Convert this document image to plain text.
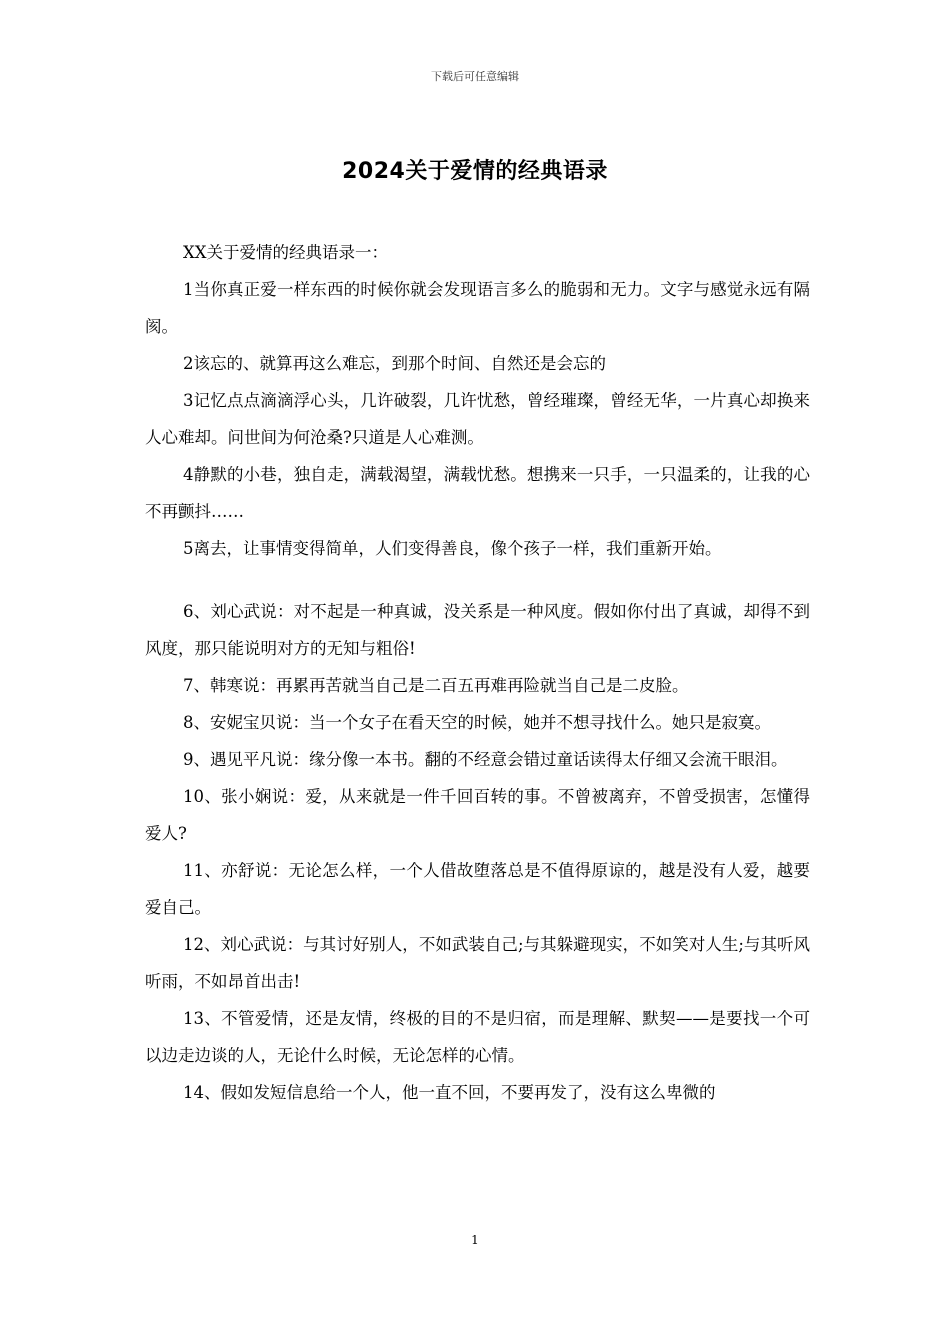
下载后可任意编辑
2024关于爱情的经典语录

XX关于爱情的经典语录一：

1当你真正爱一样东西的时候你就会发现语言多么的脆弱和无力。文字与感觉永远有隔阂。

2该忘的、就算再这么难忘，到那个时间、自然还是会忘的

3记忆点点滴滴浮心头，几许破裂，几许忧愁，曾经璀璨，曾经无华，一片真心却换来人心难却。问世间为何沧桑?只道是人心难测。

4静默的小巷，独自走，满载渴望，满载忧愁。想携来一只手，一只温柔的，让我的心不再颤抖……

5离去，让事情变得简单，人们变得善良，像个孩子一样，我们重新开始。

6、刘心武说：对不起是一种真诚，没关系是一种风度。假如你付出了真诚，却得不到风度，那只能说明对方的无知与粗俗!

7、韩寒说：再累再苦就当自己是二百五再难再险就当自己是二皮脸。

8、安妮宝贝说：当一个女子在看天空的时候，她并不想寻找什么。她只是寂寞。

9、遇见平凡说：缘分像一本书。翻的不经意会错过童话读得太仔细又会流干眼泪。

10、张小娴说：爱，从来就是一件千回百转的事。不曾被离弃，不曾受损害，怎懂得爱人?

11、亦舒说：无论怎么样，一个人借故堕落总是不值得原谅的，越是没有人爱，越要爱自己。

12、刘心武说：与其讨好别人，不如武装自己;与其躲避现实，不如笑对人生;与其听风听雨，不如昂首出击!

13、不管爱情，还是友情，终极的目的不是归宿，而是理解、默契——是要找一个可以边走边谈的人，无论什么时候，无论怎样的心情。

14、假如发短信息给一个人，他一直不回，不要再发了，没有这么卑微的

1
